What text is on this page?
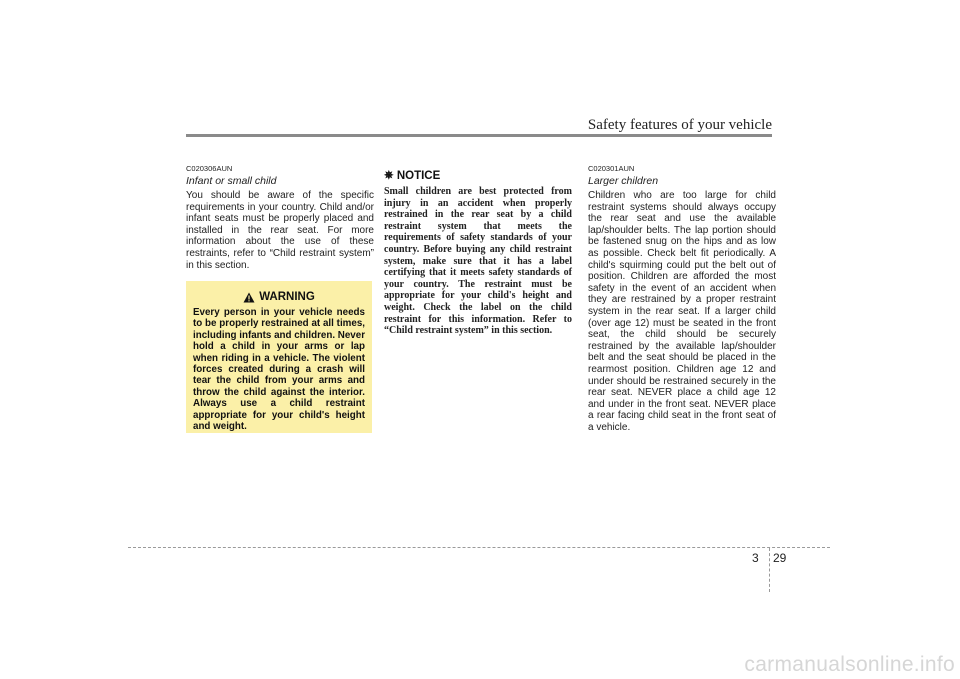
Safety features of your vehicle

C020306AUN

Infant or small child

You should be aware of the specific requirements in your country. Child and/or infant seats must be properly placed and installed in the rear seat. For more information about the use of these restraints, refer to “Child restraint system” in this section.

WARNING

Every person in your vehicle needs to be properly restrained at all times, including infants and children. Never hold a child in your arms or lap when riding in a vehicle. The violent forces created during a crash will tear the child from your arms and throw the child against the interior. Always use a child restraint appropriate for your child's height and weight.

✵ NOTICE

Small children are best protected from injury in an accident when properly restrained in the rear seat by a child restraint system that meets the requirements of safety standards of your country. Before buying any child restraint system, make sure that it has a label certifying that it meets safety standards of your country. The restraint must be appropriate for your child's height and weight. Check the label on the child restraint for this information. Refer to “Child restraint system” in this section.

C020301AUN

Larger children

Children who are too large for child restraint systems should always occupy the rear seat and use the available lap/shoulder belts. The lap portion should be fastened snug on the hips and as low as possible. Check belt fit periodically. A child's squirming could put the belt out of position. Children are afforded the most safety in the event of an accident when they are restrained by a proper restraint system in the rear seat. If a larger child (over age 12) must be seated in the front seat, the child should be securely restrained by the available lap/shoulder belt and the seat should be placed in the rearmost position. Children age 12 and under should be restrained securely in the rear seat. NEVER place a child age 12 and under in the front seat. NEVER place a rear facing child seat in the front seat of a vehicle.

3 29
carmanualsonline.info
